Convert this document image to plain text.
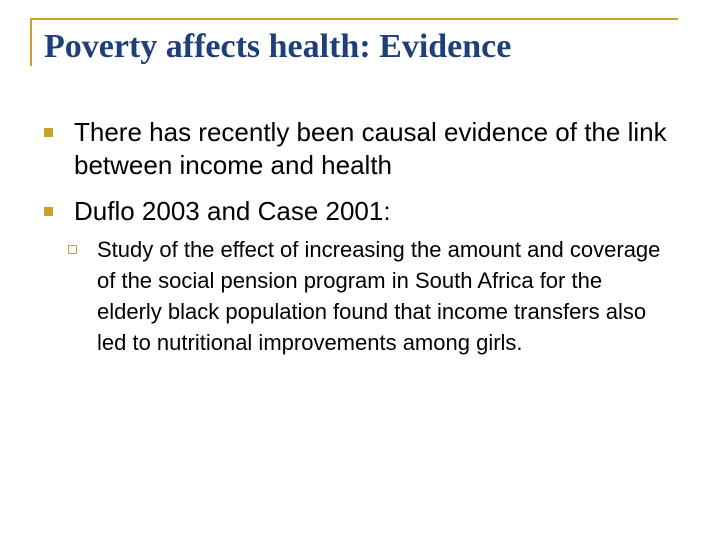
Poverty affects health: Evidence
There has recently been causal evidence of the link between income and health
Duflo 2003 and Case 2001:
Study of the effect of increasing the amount and coverage of the social pension program in South Africa for the elderly black population found that income transfers also led to nutritional improvements among girls.
